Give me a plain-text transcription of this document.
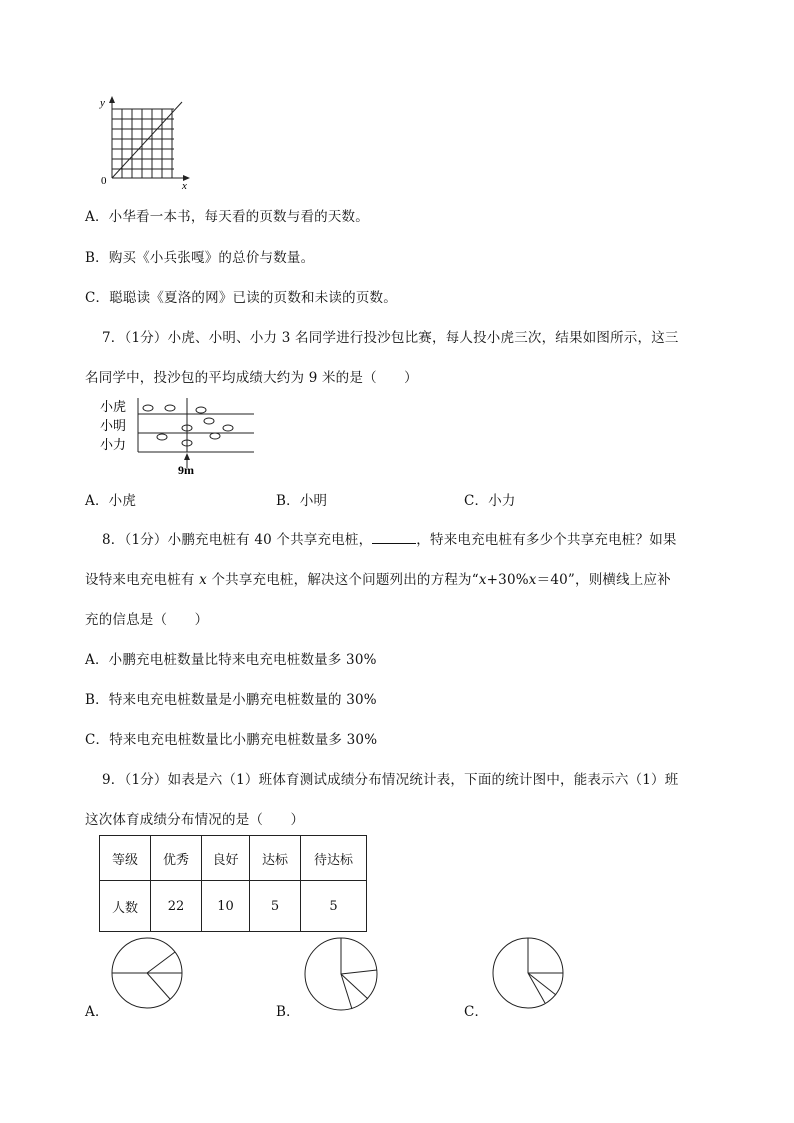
y
0	x
A．小华看一本书，每天看的页数与看的天数。
B．购买《小兵张嘎》的总价与数量。
C．聪聪读《夏洛的网》已读的页数和未读的页数。
7．（1分）小虎、小明、小力 3 名同学进行投沙包比赛，每人投小虎三次，结果如图所示，这三
名同学中，投沙包的平均成绩大约为 9 米的是（　　）
小虎
小明
小力
9m
A．小虎	B．小明	C．小力
8．（1分）小鹏充电桩有 40 个共享充电桩，	，特来电充电桩有多少个共享充电桩？如果
设特来电充电桩有 x 个共享充电桩，解决这个问题列出的方程为“x+30%x＝40”，则横线上应补
充的信息是（　　）
A．小鹏充电桩数量比特来电充电桩数量多 30%
B．特来电充电桩数量是小鹏充电桩数量的 30%
C．特来电充电桩数量比小鹏充电桩数量多 30%
9．（1分）如表是六（1）班体育测试成绩分布情况统计表，下面的统计图中，能表示六（1）班
这次体育成绩分布情况的是（　　）
等级	优秀	良好	达标	待达标
人数	22	10	5	5
A．	B．	C．
